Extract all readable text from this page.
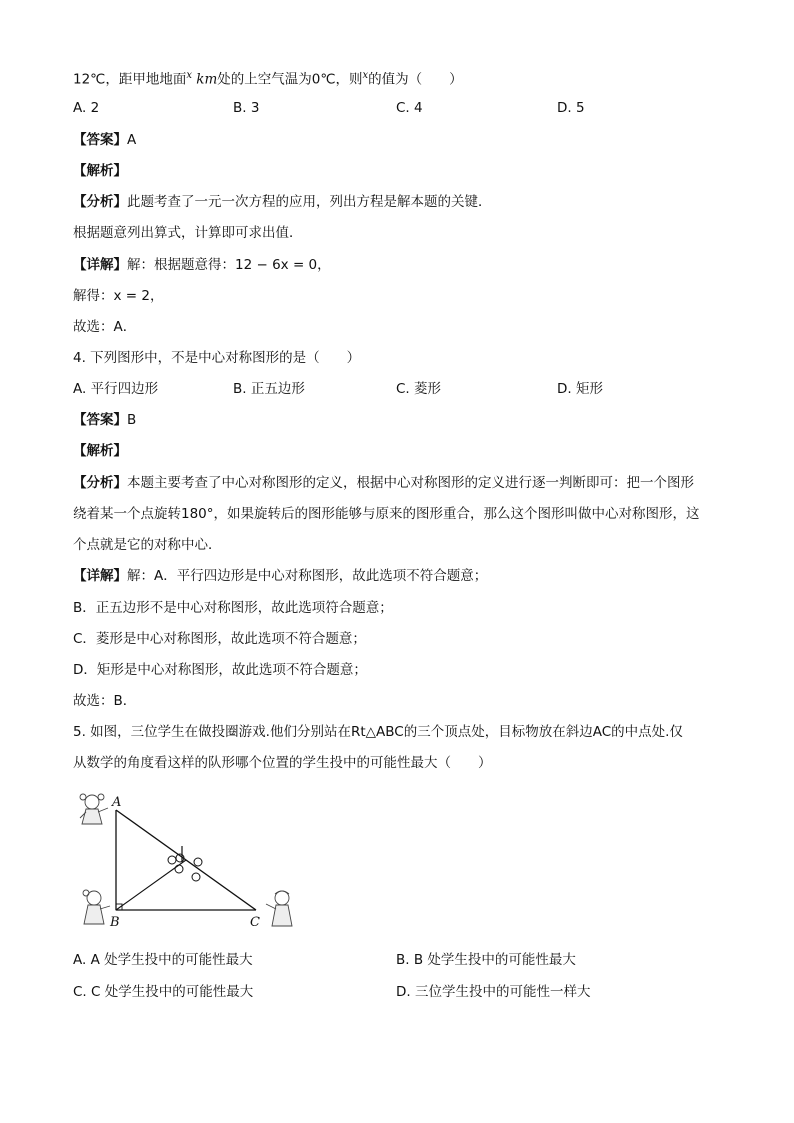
12℃，距甲地地面$^x$ km处的上空气温为0℃，则$^x$的值为（　　）
A. 2	B. 3	C. 4	D. 5
【答案】A
【解析】
【分析】此题考查了一元一次方程的应用，列出方程是解本题的关键．
根据题意列出算式，计算即可求出值．
【详解】解：根据题意得：12 − 6x = 0，
解得：x = 2，
故选：A．
4. 下列图形中，不是中心对称图形的是（　　）
A. 平行四边形	B. 正五边形	C. 菱形	D. 矩形
【答案】B
【解析】
【分析】本题主要考查了中心对称图形的定义，根据中心对称图形的定义进行逐一判断即可：把一个图形
绕着某一个点旋转180°，如果旋转后的图形能够与原来的图形重合，那么这个图形叫做中心对称图形，这
个点就是它的对称中心．
【详解】解：A．平行四边形是中心对称图形，故此选项不符合题意；
B．正五边形不是中心对称图形，故此选项符合题意；
C．菱形是中心对称图形，故此选项不符合题意；
D．矩形是中心对称图形，故此选项不符合题意；
故选：B．
5. 如图，三位学生在做投圈游戏.他们分别站在Rt△ABC的三个顶点处，目标物放在斜边AC的中点处.仅
从数学的角度看这样的队形哪个位置的学生投中的可能性最大（　　）
A
B	C
A. A 处学生投中的可能性最大	B. B 处学生投中的可能性最大
C. C 处学生投中的可能性最大	D. 三位学生投中的可能性一样大
